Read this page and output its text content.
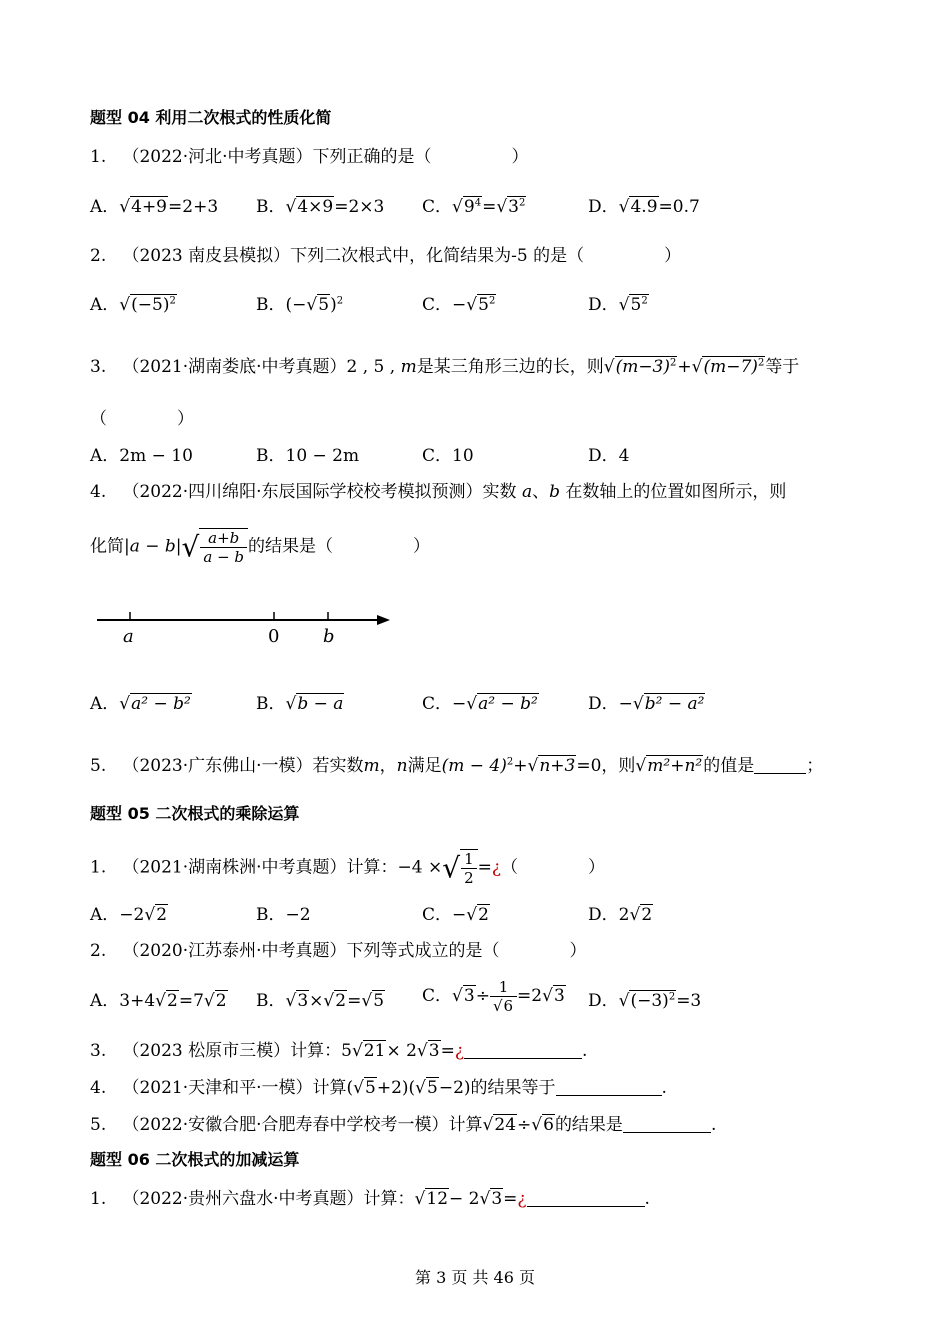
题型 04 利用二次根式的性质化简
1. （2022·河北·中考真题）下列正确的是（	）
A．√4+9=2+3 B．√4×9=2×3 C．$√9^4=√3^2$	D．√4.9=0.7
2. （2023 南皮县模拟）下列二次根式中，化简结果为-5 的是（	）
A．$√(-5)^2$	B．$(-√5)^2$	C．$-√5^2$	D．$√5^2$
3. （2021·湖南娄底·中考真题）2 , 5 , m是某三角形三边的长，则$√(m-3)^2+√(m-7)^2$等于
（	）
A．2m − 10	B．10 − 2m	C．10	D．4
4. （2022·四川绵阳·东辰国际学校校考模拟预测）实数 a、b 在数轴上的位置如图所示，则
化简$|a - b|√ \frac{a+b}{a - b}$ 的结果是（	）
a	0 b
A．√a² − b²	B．√b − a	C．−√a² − b²	D．−√b² − a²
5. （2023·广东佛山·一模）若实数m，n满足$(m - 4)^2+√n+3=0$，则√m²+n²的值是	；
题型 05 二次根式的乘除运算
1. （2021·湖南株洲·中考真题）计算：−4 ×√ $\frac{1}{2}$ =¿（	）
A．−2√2	B．−2	C．−√2	D．2√2
2. （2020·江苏泰州·中考真题）下列等式成立的是（	）
A．3+4√2=7√2 B．√3×√2=√5 C．$√3\div \frac{1}{√6} =2√3$ D．$√(-3)^2=3$
3. （2023 松原市三模）计算：5√21× 2√3=¿	.
4. （2021·天津和平·一模）计算(√5+2)(√5−2)的结果等于	.
5. （2022·安徽合肥·合肥寿春中学校考一模）计算√24÷√6的结果是	.
题型 06 二次根式的加减运算
1. （2022·贵州六盘水·中考真题）计算：√12− 2√3=¿	.
第 3 页 共 46 页
